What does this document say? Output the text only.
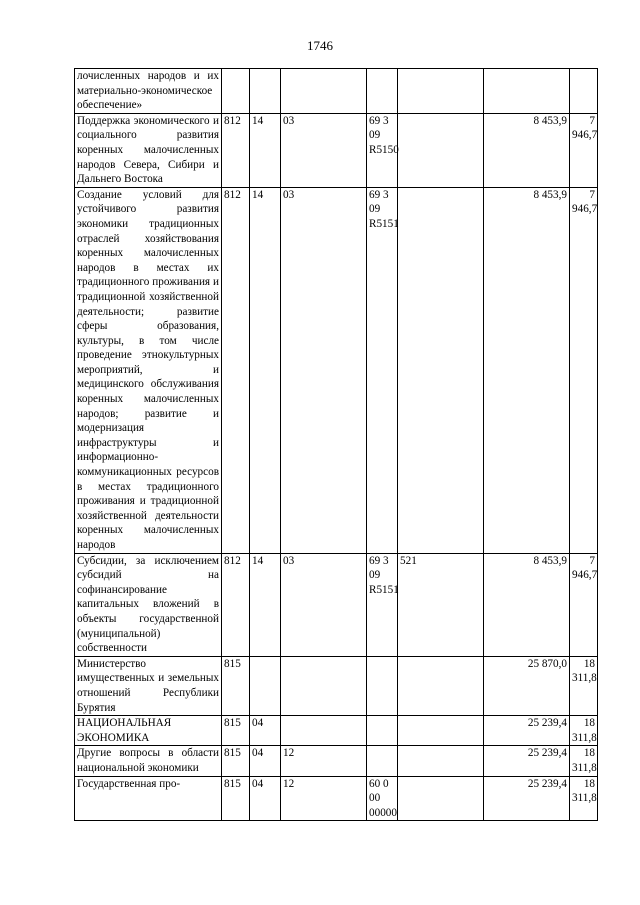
1746
лочисленных народов и их материально-экономическое обеспечение»							
Поддержка экономического и социального развития коренных малочисленных народов Севера, Сибири и Дальнего Востока	812	14	03	69 3 09 R5150		8 453,9	7 946,7
Создание условий для устойчивого развития экономики традиционных отраслей хозяйствования коренных малочисленных народов в местах их традиционного проживания и традиционной хозяйственной деятельности; развитие сферы образования, культуры, в том числе проведение этнокультурных мероприятий, и медицинского обслуживания коренных малочисленных народов; развитие и модернизация инфраструктуры и информационно-коммуникационных ресурсов в местах традиционного проживания и традиционной хозяйственной деятельности коренных малочисленных народов	812	14	03	69 3 09 R5151		8 453,9	7 946,7
Субсидии, за исключением субсидий на софинансирование капитальных вложений в объекты государственной (муниципальной) собственности	812	14	03	69 3 09 R5151	521	8 453,9	7 946,7
Министерство имущественных и земельных отношений Республики Бурятия	815					25 870,0	18 311,8
НАЦИОНАЛЬНАЯ ЭКОНОМИКА	815	04				25 239,4	18 311,8
Другие вопросы в области национальной экономики	815	04	12			25 239,4	18 311,8
Государственная про-	815	04	12	60 0 00 00000		25 239,4	18 311,8
